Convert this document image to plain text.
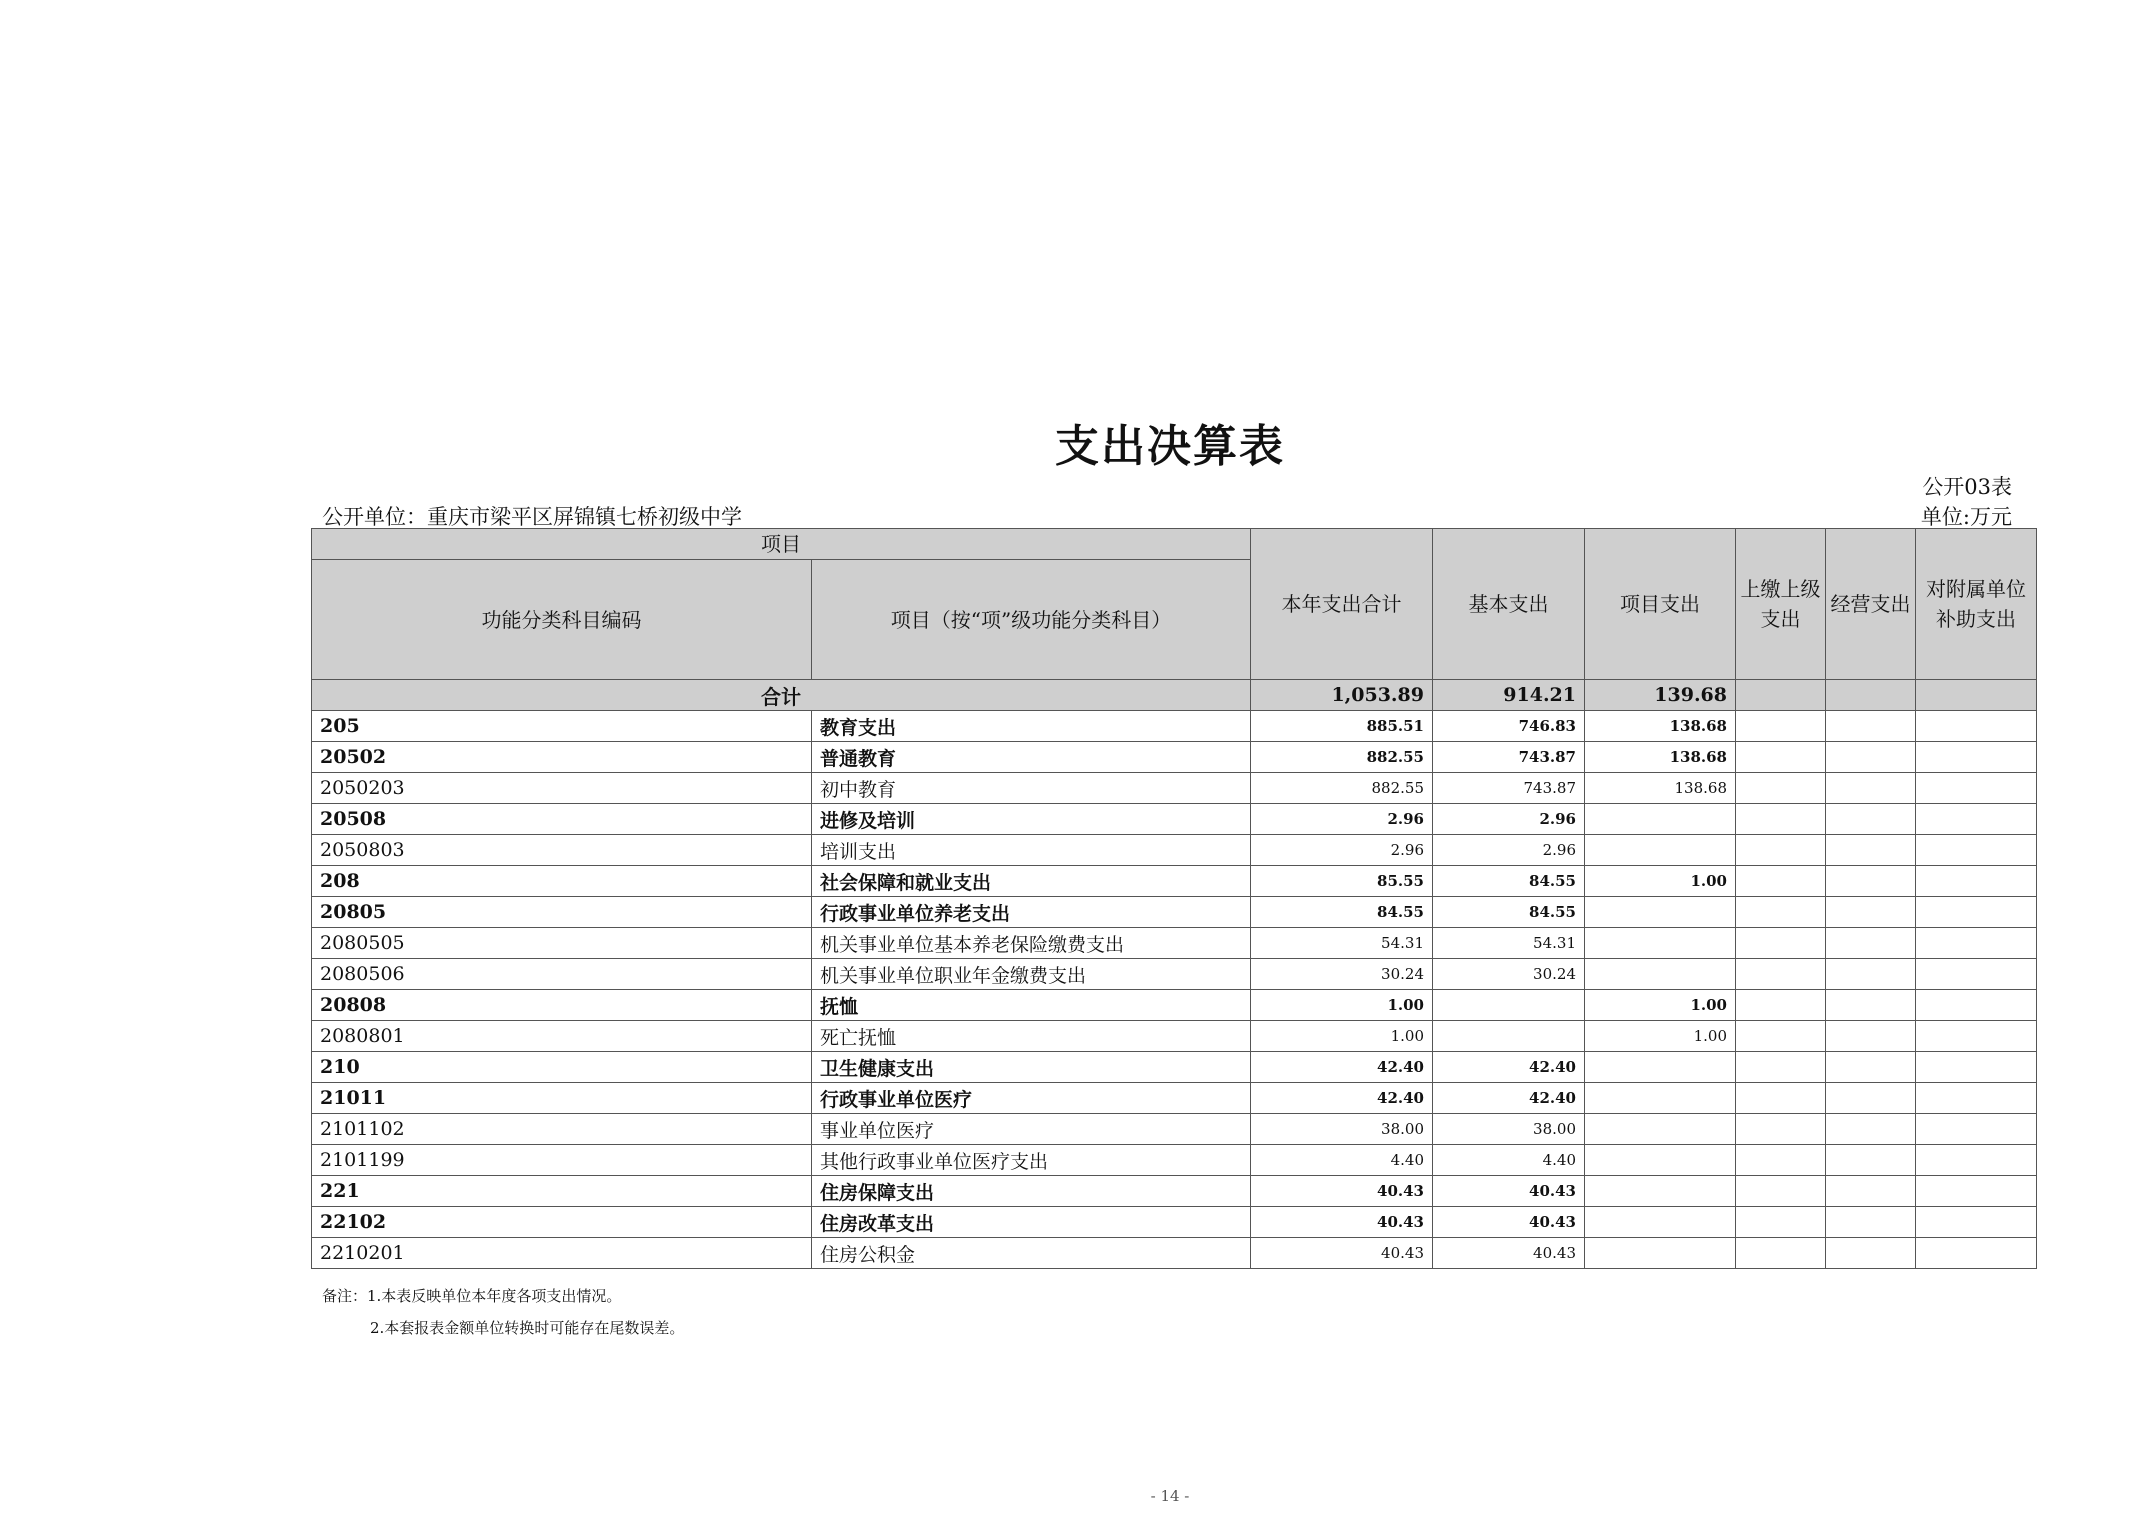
支出决算表
公开03表
单位:万元
公开单位：重庆市梁平区屏锦镇七桥初级中学
项目		本年支出合计	基本支出	项目支出	上缴上级支出	经营支出	对附属单位补助支出
功能分类科目编码	项目（按“项”级功能分类科目）						
合计		1,053.89	914.21	139.68			
205	教育支出	885.51	746.83	138.68			
20502	普通教育	882.55	743.87	138.68			
2050203	初中教育	882.55	743.87	138.68			
20508	进修及培训	2.96	2.96				
2050803	培训支出	2.96	2.96				
208	社会保障和就业支出	85.55	84.55	1.00			
20805	行政事业单位养老支出	84.55	84.55				
2080505	机关事业单位基本养老保险缴费支出	54.31	54.31				
2080506	机关事业单位职业年金缴费支出	30.24	30.24				
20808	抚恤	1.00		1.00			
2080801	死亡抚恤	1.00		1.00			
210	卫生健康支出	42.40	42.40				
21011	行政事业单位医疗	42.40	42.40				
2101102	事业单位医疗	38.00	38.00				
2101199	其他行政事业单位医疗支出	4.40	4.40				
221	住房保障支出	40.43	40.43				
22102	住房改革支出	40.43	40.43				
2210201	住房公积金	40.43	40.43				
备注：1.本表反映单位本年度各项支出情况。
2.本套报表金额单位转换时可能存在尾数误差。
- 14 -
